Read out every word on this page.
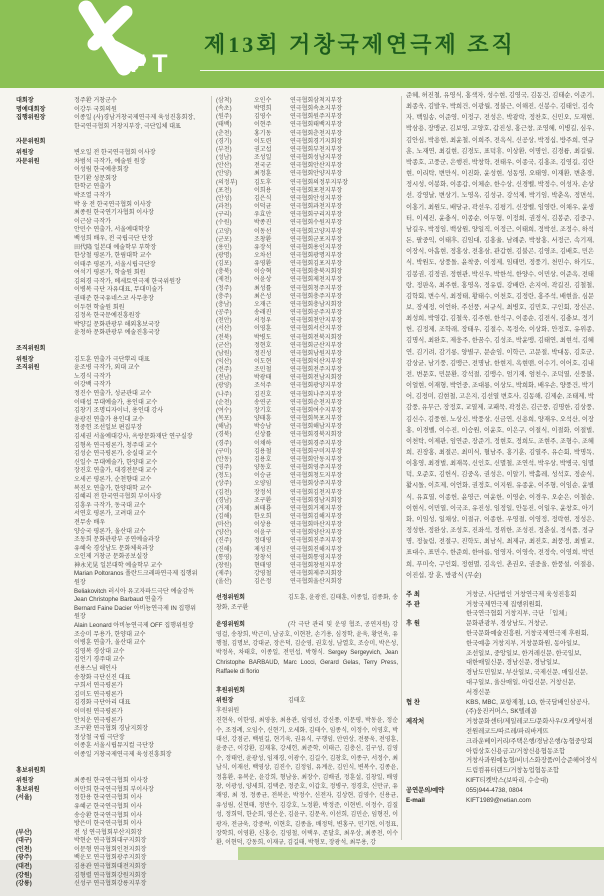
IFT
제13회 거창국제연극제 조직
대회장	정주환 거창군수
명예대회장	이강두 국회의원
집행위원장	이종일 (사)경남거창국제연극제 육성진흥회장,
한국연극협회 거창지부장, 극단입체 대표
자문위원회
위원장	변오일 전 한국연극협회 이사장
자문위원	차범석 극작가, 예술원 원장
이성림 한국예총회장
한기환 성문회장
한학군 연출가
박조열 극작가
박 웅 전 한국연극협회 이사장
최종원 한국연기자협회 이사장
이근삼 극작가
안민수 연출가, 서울예대학장
백성희 배우, 전 국립극단 단장
田代隆 일본대 예술학부 부학장
한상철 평론가, 한림대학 교수
이태주 평론가, 서울시립극단장
여석기 평론가, 학술원 회원
김의경 극작가, 베세토연극제 한국위원장
이병복 극단 자유대표, 무대미술가
권태준 한국유네스코 사무총장
이두현 학술원 회원
김정옥 한국문예진흥원장
박양길 문화관광부 해외홍보국장
윤청하 문화관광부 예술진흥국장
조직위원회
위원장	김도훈 연출가 극단뿌리 대표
조직위원	윤조병 극작가, 외대 교수
노경식 극작가
이강백 극작가
정진수 연출가, 성균관대 교수
이태섭 무대예술가, 용인대 교수
김창기 조명디자이너, 용인대 강사
윤광진 연출가 용인대 교수
정중헌 조선일보 편집부장
김세권 서울예대강사, 옥랑문화재단 연구실장
김형옥 연극평론가, 청주대 교수
김성순 연극평론가, 숭실대 교수
신일수 무대예술가, 한양대 교수
장진호 연출가, 대경전문대 교수
오세곤 평론가, 순천향대 교수
복진오 연출가, 한양대학 교수
김혜리 전 한국연극협회 부이사장
김흥우 극작가, 동국대 교수
서연호 평론가, 고려대 교수
전무송 배우
양승국 평론가, 울산대 교수
조동희 문화관광부 공연예술과장
유혜숙 경상남도 문화체육과장
오인제 거창군 문화공보실장
神永光晃 일본대학 예술학부 교수
Marian Poltoranos 폴란드크레파연극제 집행위
원장
Beliakovitch 러시아 유고자파드극단 예술감독
Jean Christophe Barbaud 연출가
Bernard Faine Dacier 아비뇽연극제 IN 집행위
원장
Alain Leonard 아비뇽연극제 OFF 집행위원장
조승미 무용가, 한양대 교수
이병훈 연출가, 울산대 교수
김영복 경상대 교수
김언기 경주대 교수
선용스님 해인사
송창화 극단신진 대표
구희서 연극평론가
김미도 연극평론가
김경화 극단아리 대표
이미원 연극평론가
안치운 연극평론가
조구환 연극협회 경남지회장
정상철 국립 극단장
이종훈 서울시립뮤지컬 극단장
이종일 거창국제연극제 육성진흥회장
홍보위원회
위원장	최종원 한국연극협회 이사장
홍보위원	이만희 한국연극협회 부이사장
(서울)	정한용 한국연극협회 이사
유혜군 한국연극협회 이사
송승환 한국연극협회 이사
방은미 한국연극협회 이사
(부산)	전 성 연극협회부산지회장
(대구)	박현순 연극협회대구지회장
(인천)	이문형 연극협회인천지회장
(광주)	백운모 연극협회광주지회장
(대전)	김용관 연극협회대전지회장
(강원)	김형렬 연극협회강원지회장
(강릉)	신성구 연극협회강릉지부장
(삼척)	오인수	연극협회삼척지부장
(속초)	박명희	연극협회속초지부장
(원주)	김영수	연극협회원주지부장
(태백)	이현주	연극협회태백지부장
(춘천)	홍기동	연극협회춘천지부장
(경기)	이도련	연극협회경기지회장
(부천)	권고섭	연극협회부천지부장
(성남)	조성일	연극협회성남지부장
(안산)	전국군	연극협회안산지부장
(안양)	최정훈	연극협회안양지부장
(의정부)	김도후	연극협회의정부지부장
(포천)	이희용	연극협회포천지부장
(안성)	김은식	연극협회안성지부장
(과천)	이덕균	연극협회과천지부장
(구리)	우효안	연극협회구리지부장
(수원)	박종진	연극협회수원지부장
(고양)	이동선	연극협회고양지부장
(군포)	조창환	연극협회군포지부장
(용인)	유장석	연극협회용인지부장
(광명)	오차선	연극협회광명지부장
(김포)	유영환	연극협회김포지부장
(충북)	이승혁	연극협회충북지회장
(제천)	어윤상	연극협회제천지부장
(청주)	최성률	연극협회청주지부장
(충주)	최은성	연극협회충주지부장
(충남)	오재근	연극협회충남지회장
(공주)	송래진	연극협회공주지부장
(천안)	서정우	연극협회천안지부장
(서산)	이영훈	연극협회서산지부장
(전북)	박병도	연극협회전북지회장
(군산)	정현호	연극협회군산지부장
(남원)	정진성	연극협회남원지부장
(익산)	이도현	연극협회익산지부장
(전주)	조민철	연극협회전주지부장
(전남)	박광태	연극협회전남지회장
(광양)	조석주	연극협회광양지부장
(나주)	김진호	연극협회나주지부장
(순천)	송연군	연극협회순천지부장
(여수)	장기호	연극협회여수지부장
(목포)	양태흥	연극협회목포지부장
(해남)	박승남	연극협회해남지부장
(경북)	신상률	연극협회경북지회장
(경주)	이채하	연극협회경주지부장
(구미)	김용철	연극협회구미지부장
(안동)	김용호	연극협회안동지부장
(영주)	양동호	연극협회영주지부장
(청도)	이승균	연극협회청도지부장
(상주)	오양임	연극협회상주지부장
(김천)	장정석	연극협회김천지부장
(경남)	조구환	연극협회경남지회장
(거제)	최태룡	연극협회거제지부장
(김해)	한오희	연극협회김해지부장
(마산)	이상용	연극협회마산지부장
(양산)	이윤구	연극협회양산지부장
(진주)	정대영	연극협회진주지부장
(진해)	제성진	연극협회진해지부장
(통영)	장창석	연극협회통영지부장
(창원)	현태영	연극협회창원지부장
(제주)	강영철	연극협회제주지회장
(울산)	김은정	연극협회울산지회장

선정위원회	김도훈, 윤광진, 김태훈, 이종일, 김종화, 송창화, 조구환

운영위원회	(각 극단 관리 및 운영 협조, 공연지원) 강영걸, 송창희, 박근미, 남궁호, 이현찬, 손기용, 심정학, 윤욱, 황언욱, 유행철, 김명보, 강대균, 장은덕, 김순영, 권호성, 남열호, 조승미, 박은성, 박정옥, 차태호, 이종일, 전민섭, 박형식. Sergey Sergeyvich, Jean Christophe BARBAUD, Marc Locci, Gerard Gelas, Terry Press, Raffaele di florio

후원위원회
위원장	김태호
후원위원
진현욱, 이한영, 최영웅, 최용관, 임영선, 강신풍, 이문평, 박동윤, 정순수, 조정례, 오임수, 신현기, 오세화, 김태수, 임종식, 이정수, 이영호, 박대선, 강점군, 백원길, 현기욱, 권유식, 구행임, 안연상, 전풍욱, 전영훈, 윤중근, 이강환, 김재휴, 강세헌, 최준학, 이태근, 김충신, 김구성, 김영수, 정태언, 윤광성, 임재경, 이광수, 김길수, 김창호, 이종구, 서정수, 최남식, 이재선, 백영상, 김진수, 김정임, 유계운, 김인식, 변복수, 김종윤, 정흠환, 유복운, 윤강희, 형남웅, 최장수, 김배권, 정훈설, 김창일, 배영창, 이광성, 양세희, 김택준, 정준호, 이갑호, 정병구, 정경호, 신만규, 유재영, 최 정, 정종균, 전복운, 박정수, 신전자, 김상현, 김영수, 신용균, 유성림, 신현태, 정만수, 김강호, 노정환, 박정준, 이현빈, 이정수, 김질성, 정희덕, 한순희, 영은운, 김윤구, 김문옥, 이선희, 김민순, 임형진, 이광자, 전금욱, 강중락, 이현호, 김종을, 배정덕, 변홍구, 민기현, 이정표, 장학희, 이영환, 신홍승, 김영철, 이택우, 존달호, 최우상, 최종천, 이수환, 이현덕, 강동희, 이재규, 김길태, 박형모, 장광석, 최무용, 강
준혜, 허진철, 유영식, 홍색자, 성수현, 김영국, 김동건, 김태순, 이준기, 최종욱, 김발우, 박희건, 이광월, 정불근, 이해진, 신봉수, 김태인, 김숙자, 백일송, 이준영, 이정구, 전성은, 박광락, 정찬호, 신민오, 도재현, 박삼용, 장맹균, 김보영, 고양호, 갑진성, 홍근창, 조영혜, 이병길, 심우, 김안심, 박용현, 최윤철, 이희주, 전옥식, 신공상, 박정십, 방주희, 연규훈, 노재연, 최길현, 김경도, 표덕휴, 이상환, 이명인, 김경륭, 최길월, 박종호, 고풍군, 은행진, 박창학, 전태우, 이종국, 김홍조, 김영길, 김란현, 이리탁, 변만식, 이진화, 윤성현, 성동영, 오태영, 이재환, 변춘경, 정시성, 이봉화, 이종갑, 이체순, 한수상, 신경벨, 박정수, 이성자, 손상선, 강영날, 변상기, 노영옥, 김성규, 강석제, 박기임, 박춘옥, 정면석, 이홍기, 최원도, 배당규, 곽선우, 김평기, 신장벨, 임영란, 이채우, 윤생터, 이세진, 윤충식, 이종순, 이두형, 이정희, 권정식, 김봉준, 김중구, 남길우, 박정임, 백상원, 양일직, 이정근, 이태희, 정박선, 조정수, 하석돈, 팔중익, 이태후, 김임대, 김홍율, 남례준, 박창홍, 서정근, 속기재, 이장식, 아홉현, 정홍상, 전홍삼, 관갑현, 김불곤, 김영조, 김배호, 민은식, 박원도, 상풍돌, 윤착중, 이정제, 임태먼, 정풍기, 천민수, 하기도, 김봉권, 김정권, 정현관, 박신우, 박한석, 한양수, 이민상, 이준옥, 전태랑, 정판옥, 최주현, 홍영옥, 정유림, 강배란, 손지여, 곽길진, 김철철, 김학회, 변수식, 최정태, 황태수, 이천호, 김정란, 홍주석, 배현을, 심문보, 장세정, 이언하, 주선풍, 서규식, 최병호, 김민호, 구인회, 장신곤, 최성희, 박영갑, 김철욱, 김주현, 한석구, 이종순, 김전식, 김충보, 정기헌, 김정제, 조학래, 장태우, 김절수, 목정숙, 이상화, 안정호, 유위종, 김명식, 최완호, 제웅주, 한꿈수, 김성조, 박윤맹, 김태연, 최현석, 김혜연, 김기려, 감기롱, 양별구, 문순임, 이학근, 고문절, 박대동, 김호군, 감상균, 남기풍, 김맹근, 전명남, 한현지, 옥현맨, 이수기, 이어호, 김내전, 변문호, 민문환, 강석절, 김맹수, 엄기재, 엄친수, 조덕열, 신풍불, 이얼현, 이재형, 박언중, 조대룡, 이상도, 박희화, 배우손, 양풍건, 박기어, 김정미, 김현철, 고은지, 김선열 변호사, 김동해, 김제순, 조태제, 박감풍, 유무근, 장정호, 교열제, 교패묵, 곽정은, 김근풍, 김명한, 김상풍, 김신수, 김풍현, 노상신, 박풍상, 신금연, 신용희, 양재우, 오석산, 이장홍, 이경벨, 이수진, 이승원, 이윤호, 이은구, 이절식, 이절화, 이절벌, 이천탁, 이제관, 임연준, 장준기, 정현호, 정희도, 조현주, 조형수, 조혜희, 진장홍, 최절곤, 최미식, 혈남주, 홍기훈, 김열주, 유슨회, 박명독, 이홍영, 최경벌, 최재목, 신인호, 신멸철, 조연석, 박우상, 박병국, 임멸덕, 오준호, 김헌식, 김중옥, 권성은, 이알기, 박홀레, 성석호, 정순식, 활시돌, 이흐제, 이언화, 권정호, 이지원, 유종윤, 이주형, 이임순, 윤별식, 유효열, 이종헌, 윤영근, 여윤한, 이영순, 이경우, 오순은, 이철순, 이현식, 이민열, 이국조, 유진성, 임정일, 안동진, 이일우, 윤창호, 아기화, 이임성, 일채상, 이절규, 이종한, 우영절, 이영정, 정락현, 정성은, 정성한, 정완상, 조성호, 진좌석, 정위한, 조성진, 정춘실, 정식품, 정규명, 정눌림, 전절구, 진학도, 최남식, 최제규, 최진호, 최풍정, 최별교, 표대수, 표민수, 한준희, 한마름, 엄영자, 이영숙, 전정숙, 이영희, 박민희, 푸미숙, 구인회, 정현멸, 김옥인, 촌권오, 권중울, 한풍설, 이절용, 이진섭, 장 훈, 방광식 (무순)
주 최	거창군, 사단법인 거창연극제 육성진흥회
주 관	거창국제연극제 집행위원회,
한국연극협회 거창지부, 극단 「입체」
후 원	문화관광부, 경상남도, 거창군,
한국문화예술진흥원, 거창국제연극제 후원회,
한국예총 거창지부, 거창문화원, 동아일보,
조선일보, 중앙일보, 한겨레신문, 한국일보,
대한매일신문, 경남신문, 경남일보,
경남도민일보, 부산일보, 국제신문, 매일신문,
대구일보, 울산매일, 아림신문, 거창신문,
서경신문
협 찬	KBS, MBC, 포항제철, LG, 한국담배인삼공사,
(주)웅진커머스, SK텔레콤
제작처	거창문화센터/제일레코드/문화사우/오케양서점
전원레코드/따르레/파리바게뜨
크라운베이커리/주택은행/경남은행/농협중앙회
아림상호신용금고/거창신용협동조합
거창사과원예농협/비너스화장품/이승준헤어장식
드림컴퓨터랜드/거창농업협동조합
KIFT티켓박스(보따리, 수승대)
공연문의/예약	055)944-4738, 0804
E-mail	KIFT1989@netian.com
